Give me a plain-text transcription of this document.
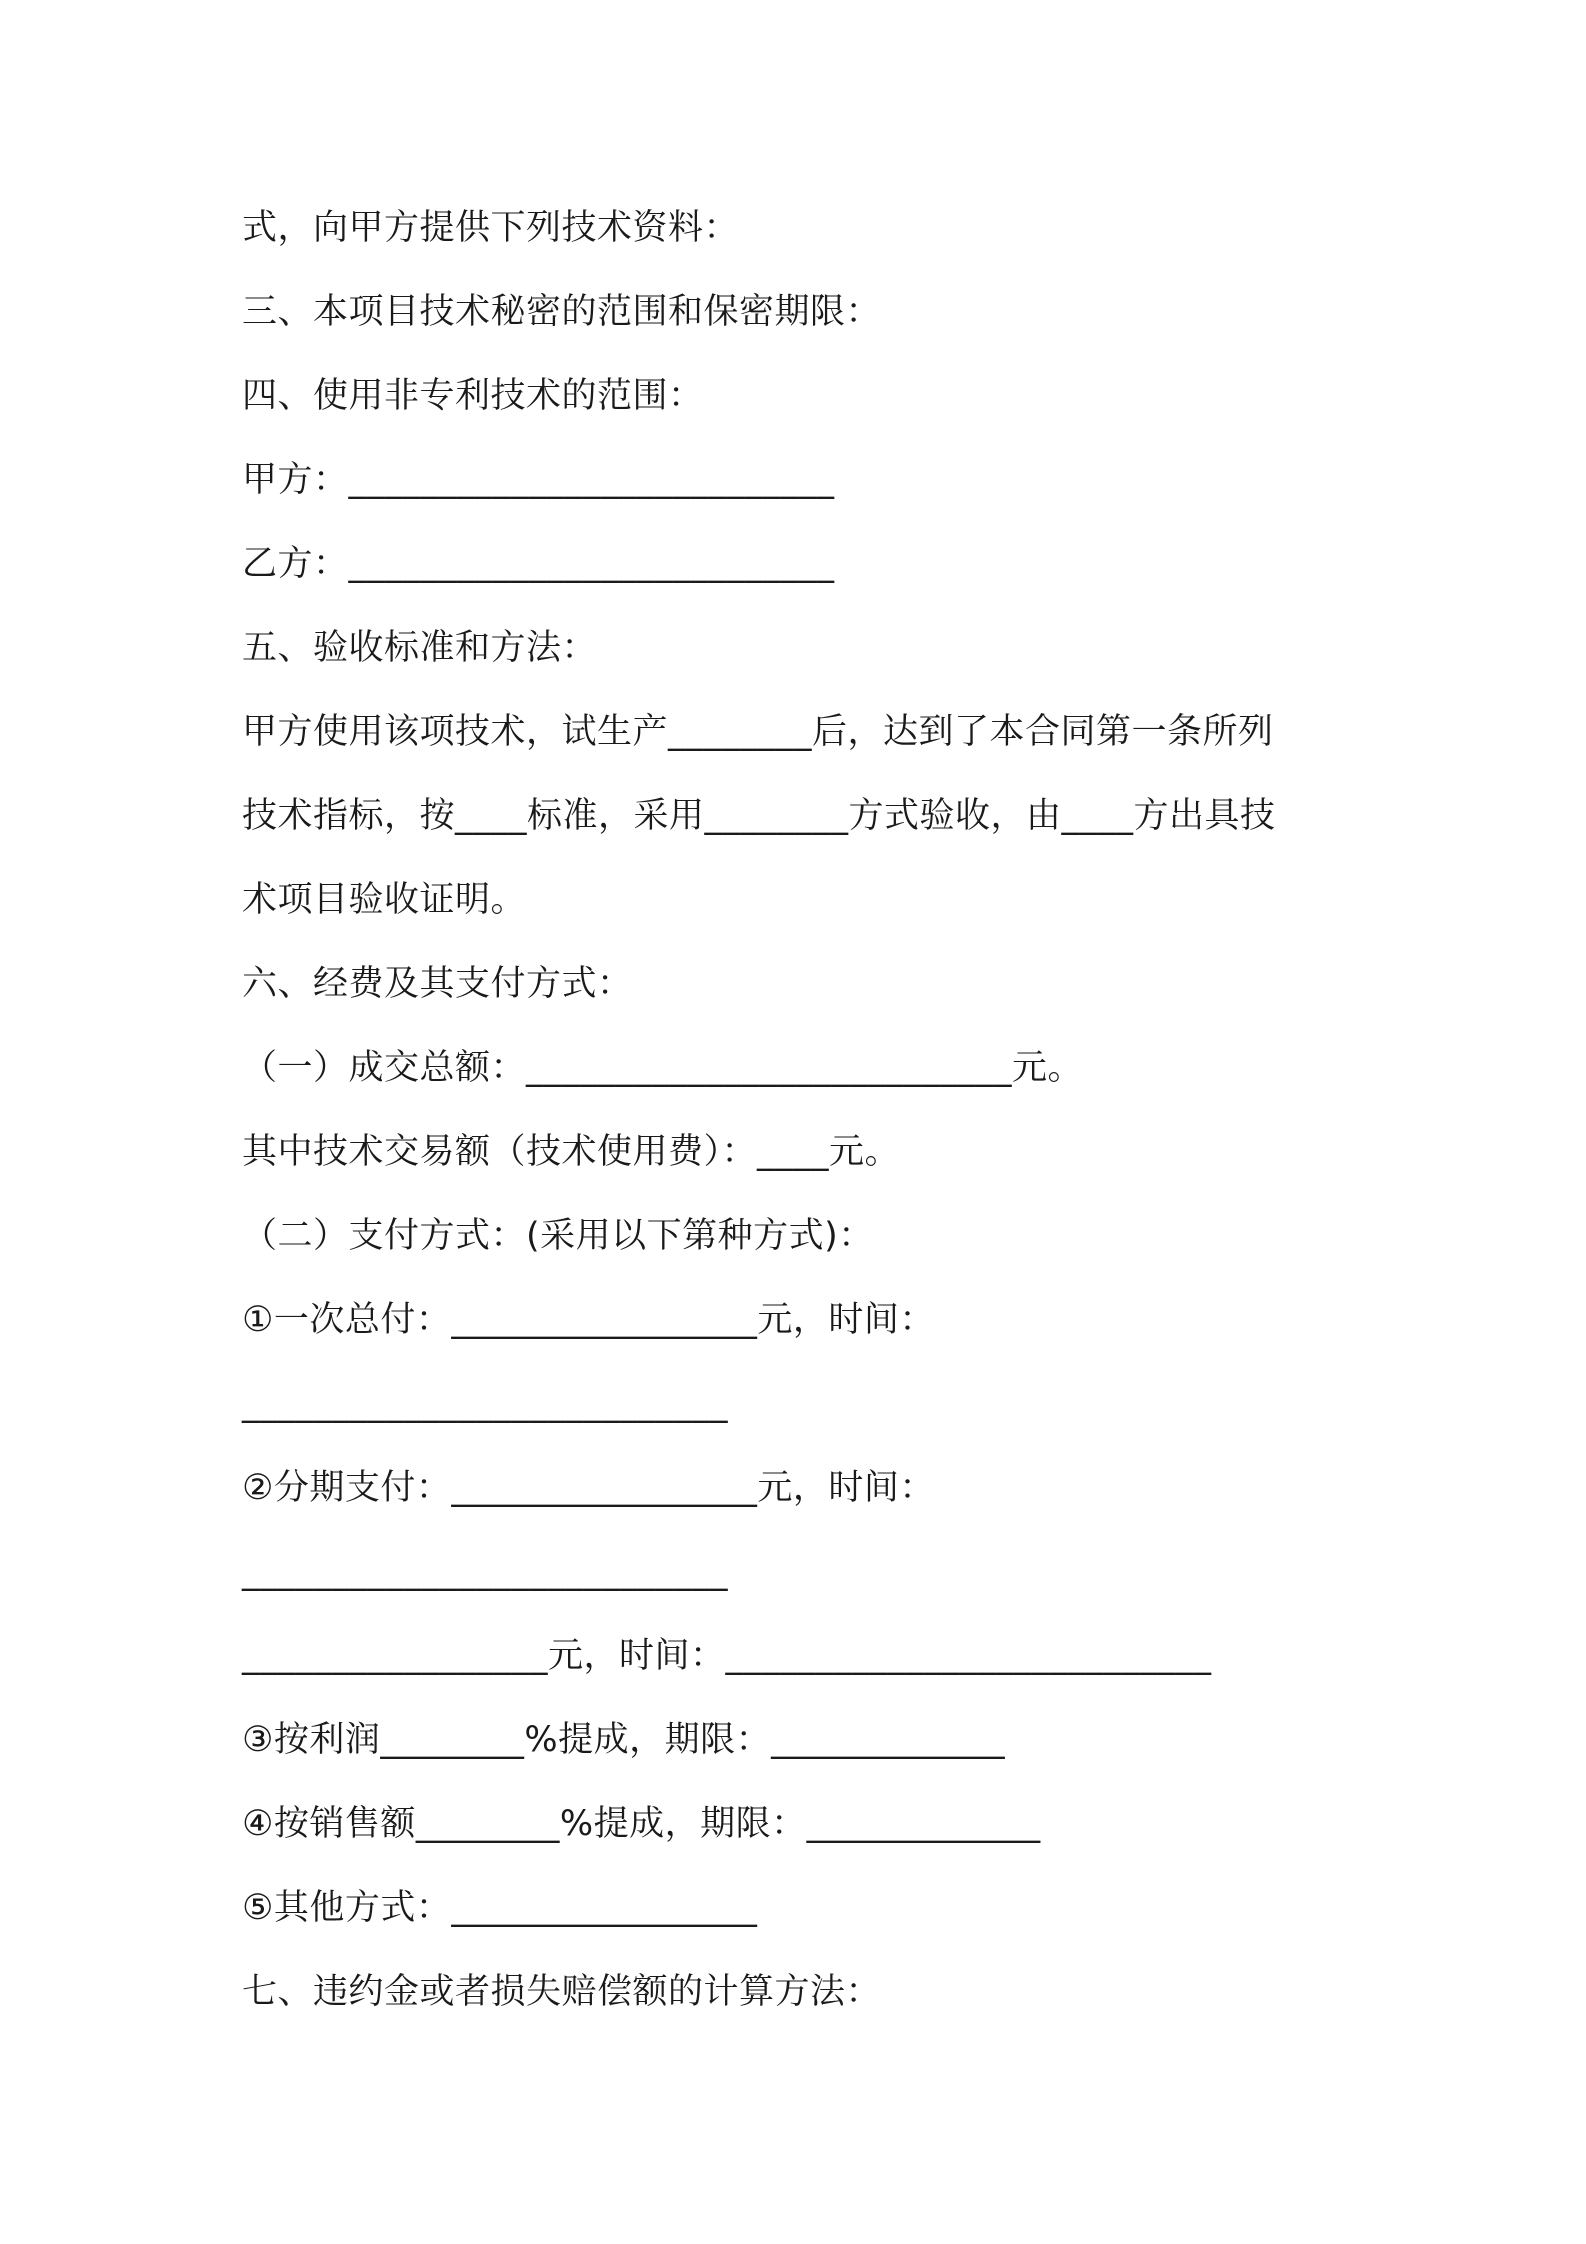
式，向甲方提供下列技术资料：
三、本项目技术秘密的范围和保密期限：
四、使用非专利技术的范围：
甲方：___________________________
乙方：___________________________
五、验收标准和方法：
甲方使用该项技术，试生产________后，达到了本合同第一条所列
技术指标，按____标准，采用________方式验收，由____方出具技
术项目验收证明。
六、经费及其支付方式：
（一）成交总额：___________________________元。
其中技术交易额（技术使用费）：____元。
（二）支付方式：(采用以下第种方式)：
①一次总付：_________________元，时间：
___________________________
②分期支付：_________________元，时间：
___________________________
_________________元，时间：___________________________
③按利润________%提成，期限：_____________
④按销售额________%提成，期限：_____________
⑤其他方式：_________________
七、违约金或者损失赔偿额的计算方法：
